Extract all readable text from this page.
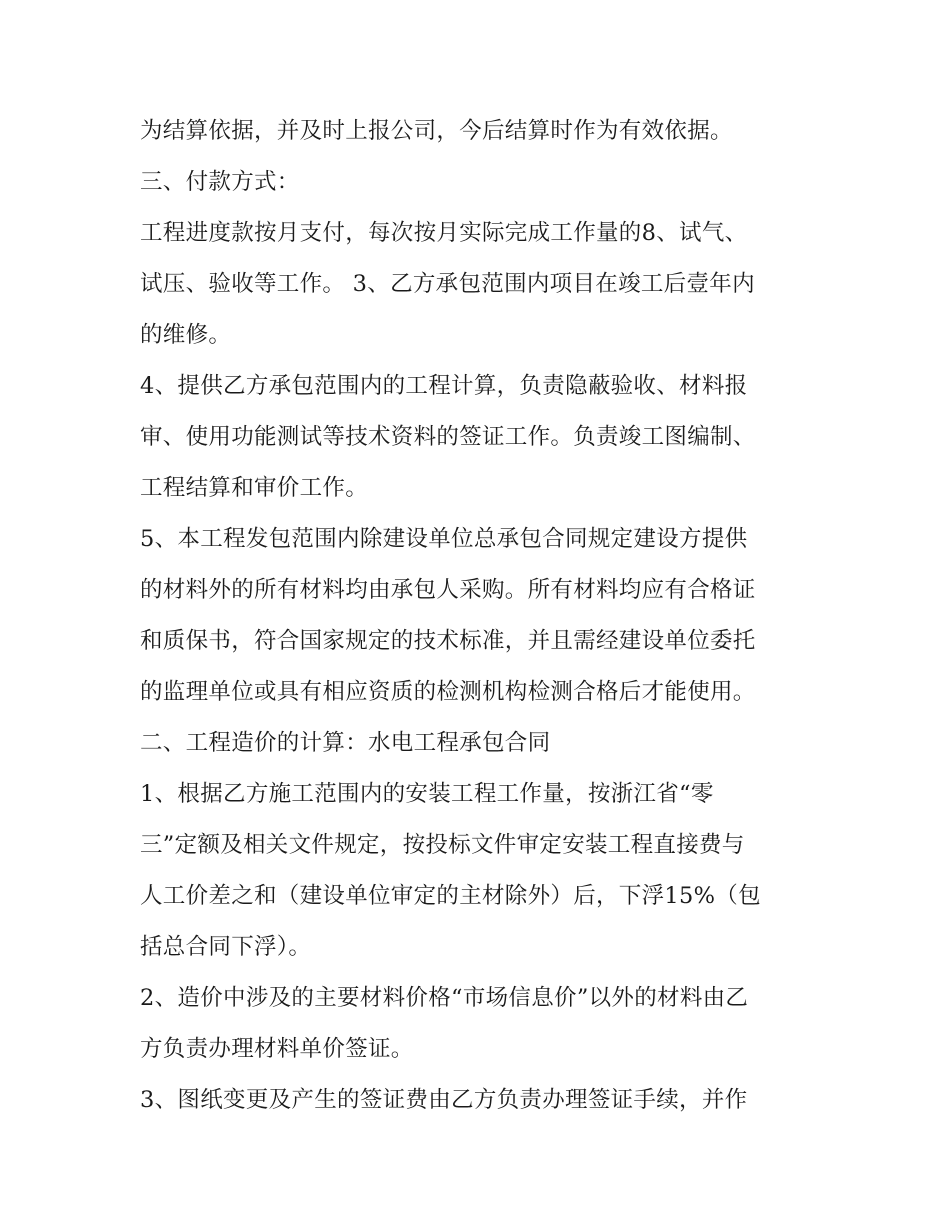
为结算依据，并及时上报公司，今后结算时作为有效依据。
三、付款方式：
工程进度款按月支付，每次按月实际完成工作量的8、试气、
试压、验收等工作。 3、乙方承包范围内项目在竣工后壹年内
的维修。
4、提供乙方承包范围内的工程计算，负责隐蔽验收、材料报
审、使用功能测试等技术资料的签证工作。负责竣工图编制、
工程结算和审价工作。
5、本工程发包范围内除建设单位总承包合同规定建设方提供
的材料外的所有材料均由承包人采购。所有材料均应有合格证
和质保书，符合国家规定的技术标准，并且需经建设单位委托
的监理单位或具有相应资质的检测机构检测合格后才能使用。
二、工程造价的计算：水电工程承包合同
1、根据乙方施工范围内的安装工程工作量，按浙江省“零
三”定额及相关文件规定，按投标文件审定安装工程直接费与
人工价差之和（建设单位审定的主材除外）后，下浮15%（包
括总合同下浮）。
2、造价中涉及的主要材料价格“市场信息价”以外的材料由乙
方负责办理材料单价签证。
3、图纸变更及产生的签证费由乙方负责办理签证手续，并作
